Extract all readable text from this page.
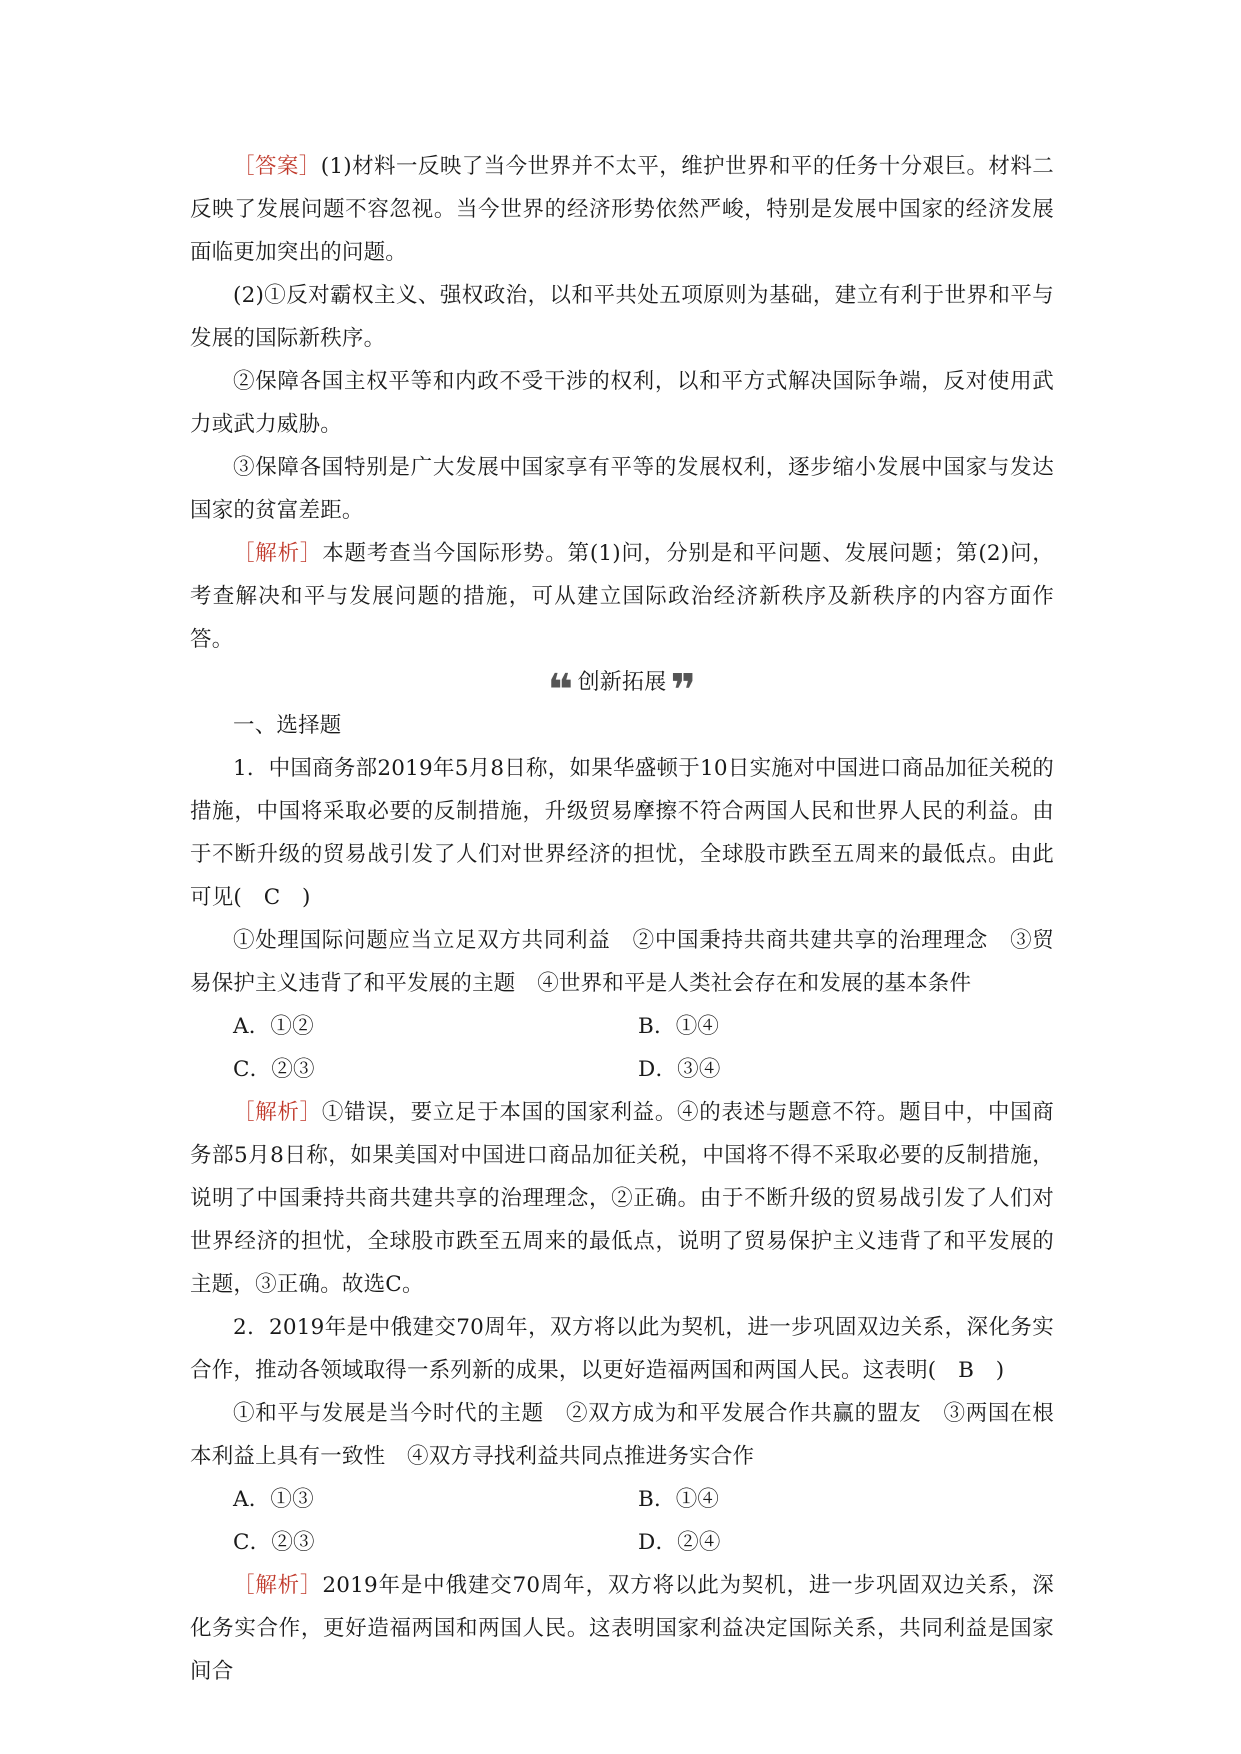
［答案］(1)材料一反映了当今世界并不太平，维护世界和平的任务十分艰巨。材料二反映了发展问题不容忽视。当今世界的经济形势依然严峻，特别是发展中国家的经济发展面临更加突出的问题。

(2)①反对霸权主义、强权政治，以和平共处五项原则为基础，建立有利于世界和平与发展的国际新秩序。

②保障各国主权平等和内政不受干涉的权利，以和平方式解决国际争端，反对使用武力或武力威胁。

③保障各国特别是广大发展中国家享有平等的发展权利，逐步缩小发展中国家与发达国家的贫富差距。

［解析］本题考查当今国际形势。第(1)问，分别是和平问题、发展问题；第(2)问，考查解决和平与发展问题的措施，可从建立国际政治经济新秩序及新秩序的内容方面作答。

❝ 创新拓展 ❞

一、选择题

1．中国商务部2019年5月8日称，如果华盛顿于10日实施对中国进口商品加征关税的措施，中国将采取必要的反制措施，升级贸易摩擦不符合两国人民和世界人民的利益。由于不断升级的贸易战引发了人们对世界经济的担忧，全球股市跌至五周来的最低点。由此可见(　C　)

①处理国际问题应当立足双方共同利益　②中国秉持共商共建共享的治理理念　③贸易保护主义违背了和平发展的主题　④世界和平是人类社会存在和发展的基本条件

A．①②	B．①④
C．②③	D．③④

［解析］①错误，要立足于本国的国家利益。④的表述与题意不符。题目中，中国商务部5月8日称，如果美国对中国进口商品加征关税，中国将不得不采取必要的反制措施，说明了中国秉持共商共建共享的治理理念，②正确。由于不断升级的贸易战引发了人们对世界经济的担忧，全球股市跌至五周来的最低点，说明了贸易保护主义违背了和平发展的主题，③正确。故选C。

2．2019年是中俄建交70周年，双方将以此为契机，进一步巩固双边关系，深化务实合作，推动各领域取得一系列新的成果，以更好造福两国和两国人民。这表明(　B　)

①和平与发展是当今时代的主题　②双方成为和平发展合作共赢的盟友　③两国在根本利益上具有一致性　④双方寻找利益共同点推进务实合作

A．①③	B．①④
C．②③	D．②④

［解析］2019年是中俄建交70周年，双方将以此为契机，进一步巩固双边关系，深化务实合作，更好造福两国和两国人民。这表明国家利益决定国际关系，共同利益是国家间合
